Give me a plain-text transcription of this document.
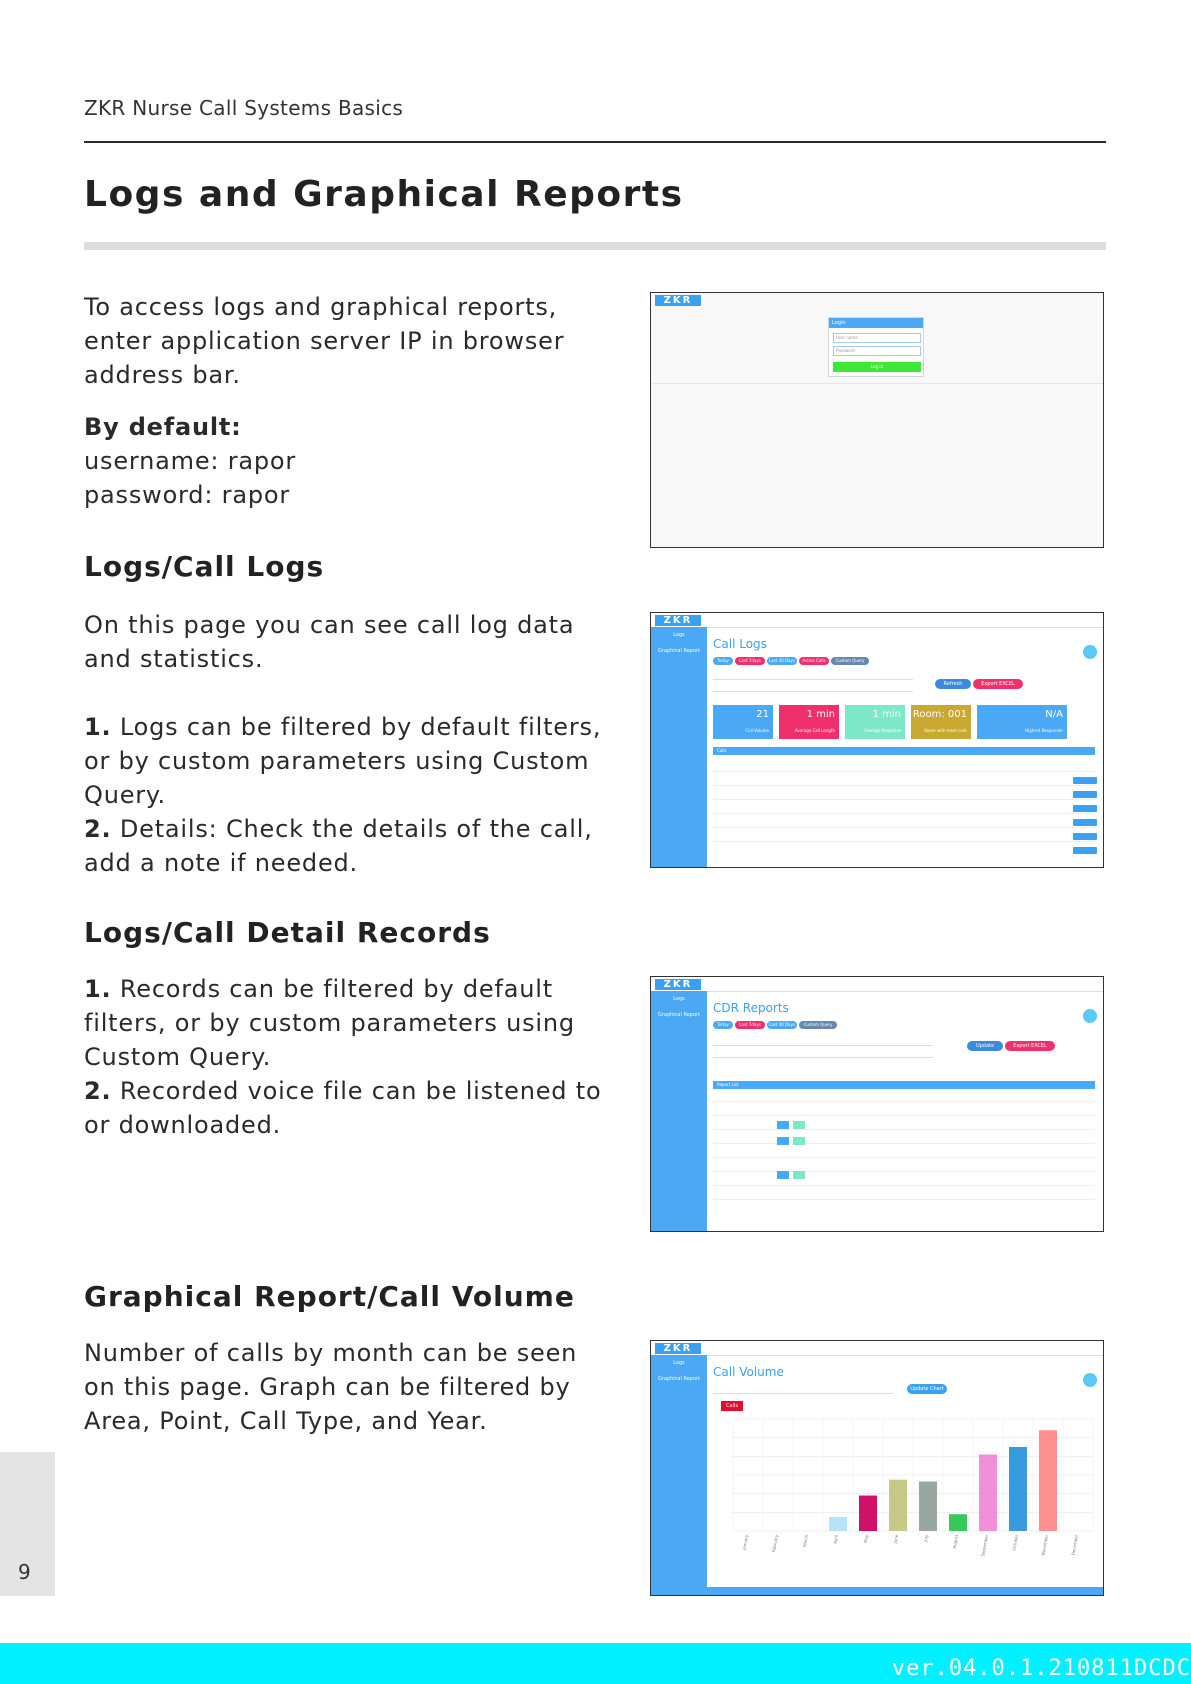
ZKR Nurse Call Systems Basics
Logs and Graphical Reports
To access logs and graphical reports,
enter application server IP in browser
address bar.
By default:
username: rapor
password: rapor
Logs/Call Logs
On this page you can see call log data
and statistics.
1. Logs can be filtered by default filters,
or by custom parameters using Custom
Query.
2. Details: Check the details of the call,
add a note if needed.
Logs/Call Detail Records
1. Records can be filtered by default
filters, or by custom parameters using
Custom Query.
2. Recorded voice file can be listened to
or downloaded.
Graphical Report/Call Volume
Number of calls by month can be seen
on this page. Graph can be filtered by
Area, Point, Call Type, and Year.
ZKR
Login
User name
Password
Log in
ZKR
Logs
Graphical Report Call Logs
Today	Last 7days	Last 30 Days	Active Calls	Custom Query
Refresh	Export EXCEL
Calls
21
Call Volume
1 min
Average Call Length
1 min
Average Response
Room: 001
Room with most calls
N/A
Highest Responder
ZKR
Logs
Graphical Report CDR Reports
Today	Last 7days	Last 30 Days	Custom Query
Update	Export EXCEL
Report List
ZKR
Logs
Graphical Report Call Volume
Update Chart
Calls
January	February	March	April	May	June	July	August	September	October	November	December
9
ver.04.0.1.210811DCDC
